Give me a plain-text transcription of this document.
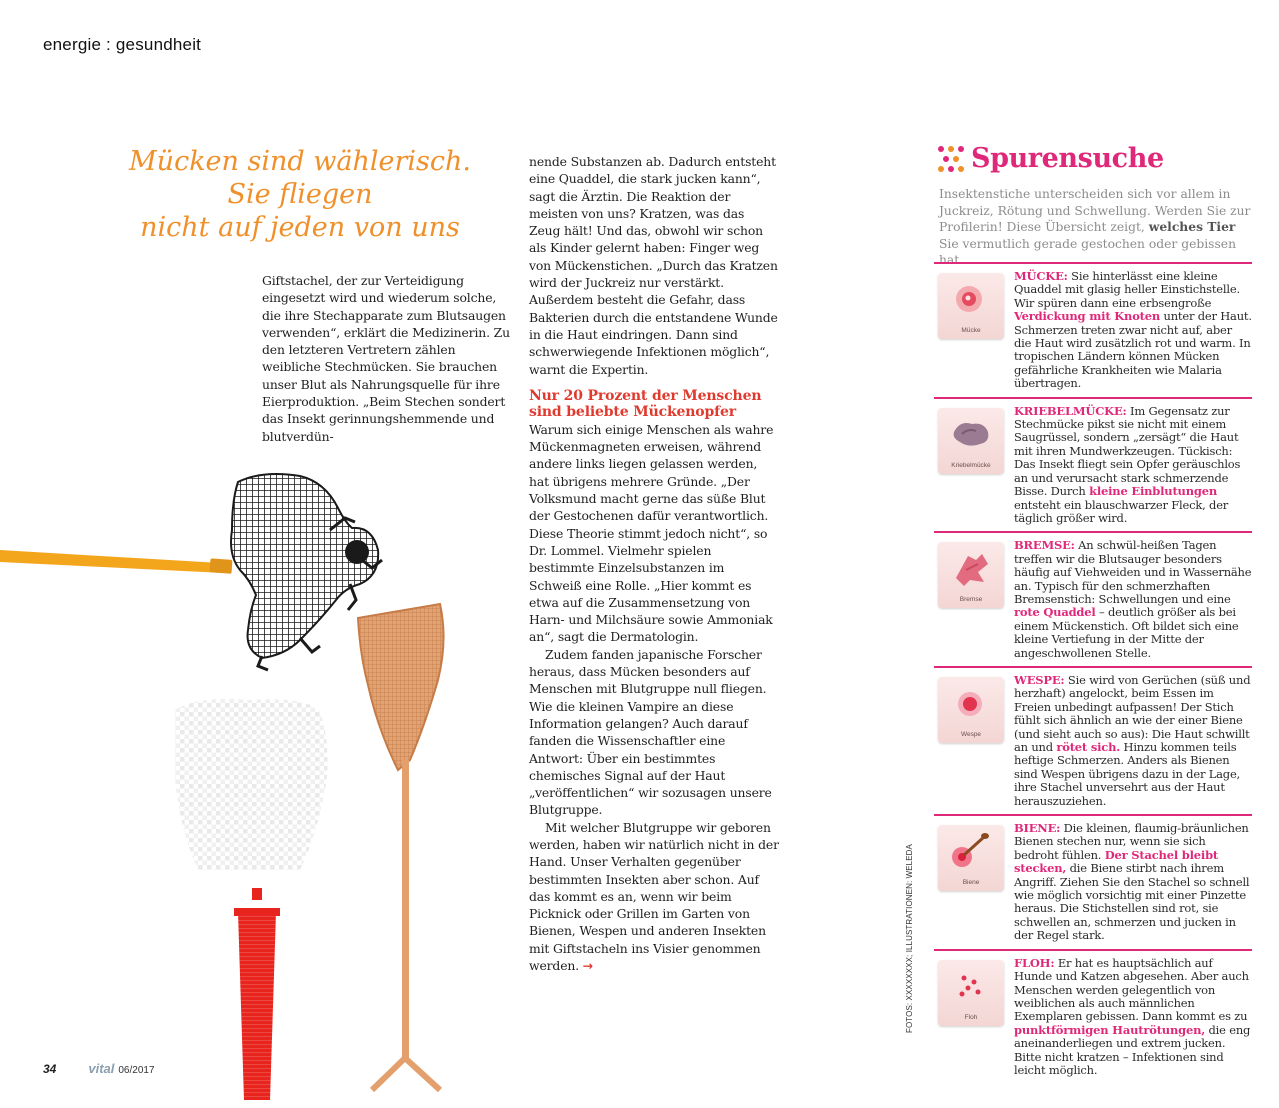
energie : gesundheit
Mücken sind wählerisch.
Sie fliegen
nicht auf jeden von uns

Giftstachel, der zur Verteidigung eingesetzt wird und wiederum solche, die ihre Stechapparate zum Blutsaugen verwenden“, erklärt die Medizinerin. Zu den letzteren Vertretern zählen weibliche Stechmücken. Sie brauchen unser Blut als Nahrungsquelle für ihre Eierproduktion. „Beim Stechen sondert das Insekt gerinnungshemmende und blutverdün-

nende Substanzen ab. Dadurch entsteht eine Quaddel, die stark jucken kann“, sagt die Ärztin. Die Reaktion der meisten von uns? Kratzen, was das Zeug hält! Und das, obwohl wir schon als Kinder gelernt haben: Finger weg von Mückenstichen. „Durch das Kratzen wird der Juckreiz nur verstärkt. Außerdem besteht die Gefahr, dass Bakterien durch die entstandene Wunde in die Haut eindringen. Dann sind schwerwiegende Infektionen möglich“, warnt die Expertin.

Nur 20 Prozent der Menschen
sind beliebte Mückenopfer

Warum sich einige Menschen als wahre Mückenmagneten erweisen, während andere links liegen gelassen werden, hat übrigens mehrere Gründe. „Der Volksmund macht gerne das süße Blut der Gestochenen dafür verantwortlich. Diese Theorie stimmt jedoch nicht“, so Dr. Lommel. Vielmehr spielen bestimmte Einzelsubstanzen im Schweiß eine Rolle. „Hier kommt es etwa auf die Zusammensetzung von Harn- und Milchsäure sowie Ammoniak an“, sagt die Dermatologin.

Zudem fanden japanische Forscher heraus, dass Mücken besonders auf Menschen mit Blutgruppe null fliegen. Wie die kleinen Vampire an diese Information gelangen? Auch darauf fanden die Wissenschaftler eine Antwort: Über ein bestimmtes chemisches Signal auf der Haut „veröffentlichen“ wir sozusagen unsere Blutgruppe.

Mit welcher Blutgruppe wir geboren werden, haben wir natürlich nicht in der Hand. Unser Verhalten gegenüber bestimmten Insekten aber schon. Auf das kommt es an, wenn wir beim Picknick oder Grillen im Garten von Bienen, Wespen und anderen Insekten mit Giftstacheln ins Visier genommen werden. →

Spurensuche
Insektenstiche unterscheiden sich vor allem in Juckreiz, Rötung und Schwellung. Werden Sie zur Profilerin! Diese Übersicht zeigt, welches Tier Sie vermutlich gerade gestochen oder gebissen hat
Mücke
MÜCKE: Sie hinterlässt eine kleine Quaddel mit glasig heller Einstichstelle. Wir spüren dann eine erbsengroße Verdickung mit Knoten unter der Haut. Schmerzen treten zwar nicht auf, aber die Haut wird zusätzlich rot und warm. In tropischen Ländern können Mücken gefährliche Krankheiten wie Malaria übertragen.
Kriebelmücke
KRIEBELMÜCKE: Im Gegensatz zur Stechmücke pikst sie nicht mit einem Saugrüssel, sondern „zersägt“ die Haut mit ihren Mundwerkzeugen. Tückisch: Das Insekt fliegt sein Opfer geräuschlos an und verursacht stark schmerzende Bisse. Durch kleine Einblutungen entsteht ein blauschwarzer Fleck, der täglich größer wird.
Bremse
BREMSE: An schwül-heißen Tagen treffen wir die Blutsauger besonders häufig auf Viehweiden und in Wassernähe an. Typisch für den schmerzhaften Bremsenstich: Schwellungen und eine rote Quaddel – deutlich größer als bei einem Mückenstich. Oft bildet sich eine kleine Vertiefung in der Mitte der angeschwollenen Stelle.
Wespe
WESPE: Sie wird von Gerüchen (süß und herzhaft) angelockt, beim Essen im Freien unbedingt aufpassen! Der Stich fühlt sich ähnlich an wie der einer Biene (und sieht auch so aus): Die Haut schwillt an und rötet sich. Hinzu kommen teils heftige Schmerzen. Anders als Bienen sind Wespen übrigens dazu in der Lage, ihre Stachel unversehrt aus der Haut herauszuziehen.
Biene
BIENE: Die kleinen, flaumig-bräunlichen Bienen stechen nur, wenn sie sich bedroht fühlen. Der Stachel bleibt stecken, die Biene stirbt nach ihrem Angriff. Ziehen Sie den Stachel so schnell wie möglich vorsichtig mit einer Pinzette heraus. Die Stichstellen sind rot, sie schwellen an, schmerzen und jucken in der Regel stark.
Floh
FLOH: Er hat es hauptsächlich auf Hunde und Katzen abgesehen. Aber auch Menschen werden gelegentlich von weiblichen als auch männlichen Exemplaren gebissen. Dann kommt es zu punktförmigen Hautrötungen, die eng aneinanderliegen und extrem jucken. Bitte nicht kratzen – Infektionen sind leicht möglich.
FOTOS: XXXXXXXX; ILLUSTRATIONEN: WELEDA
34 vital 06/2017
